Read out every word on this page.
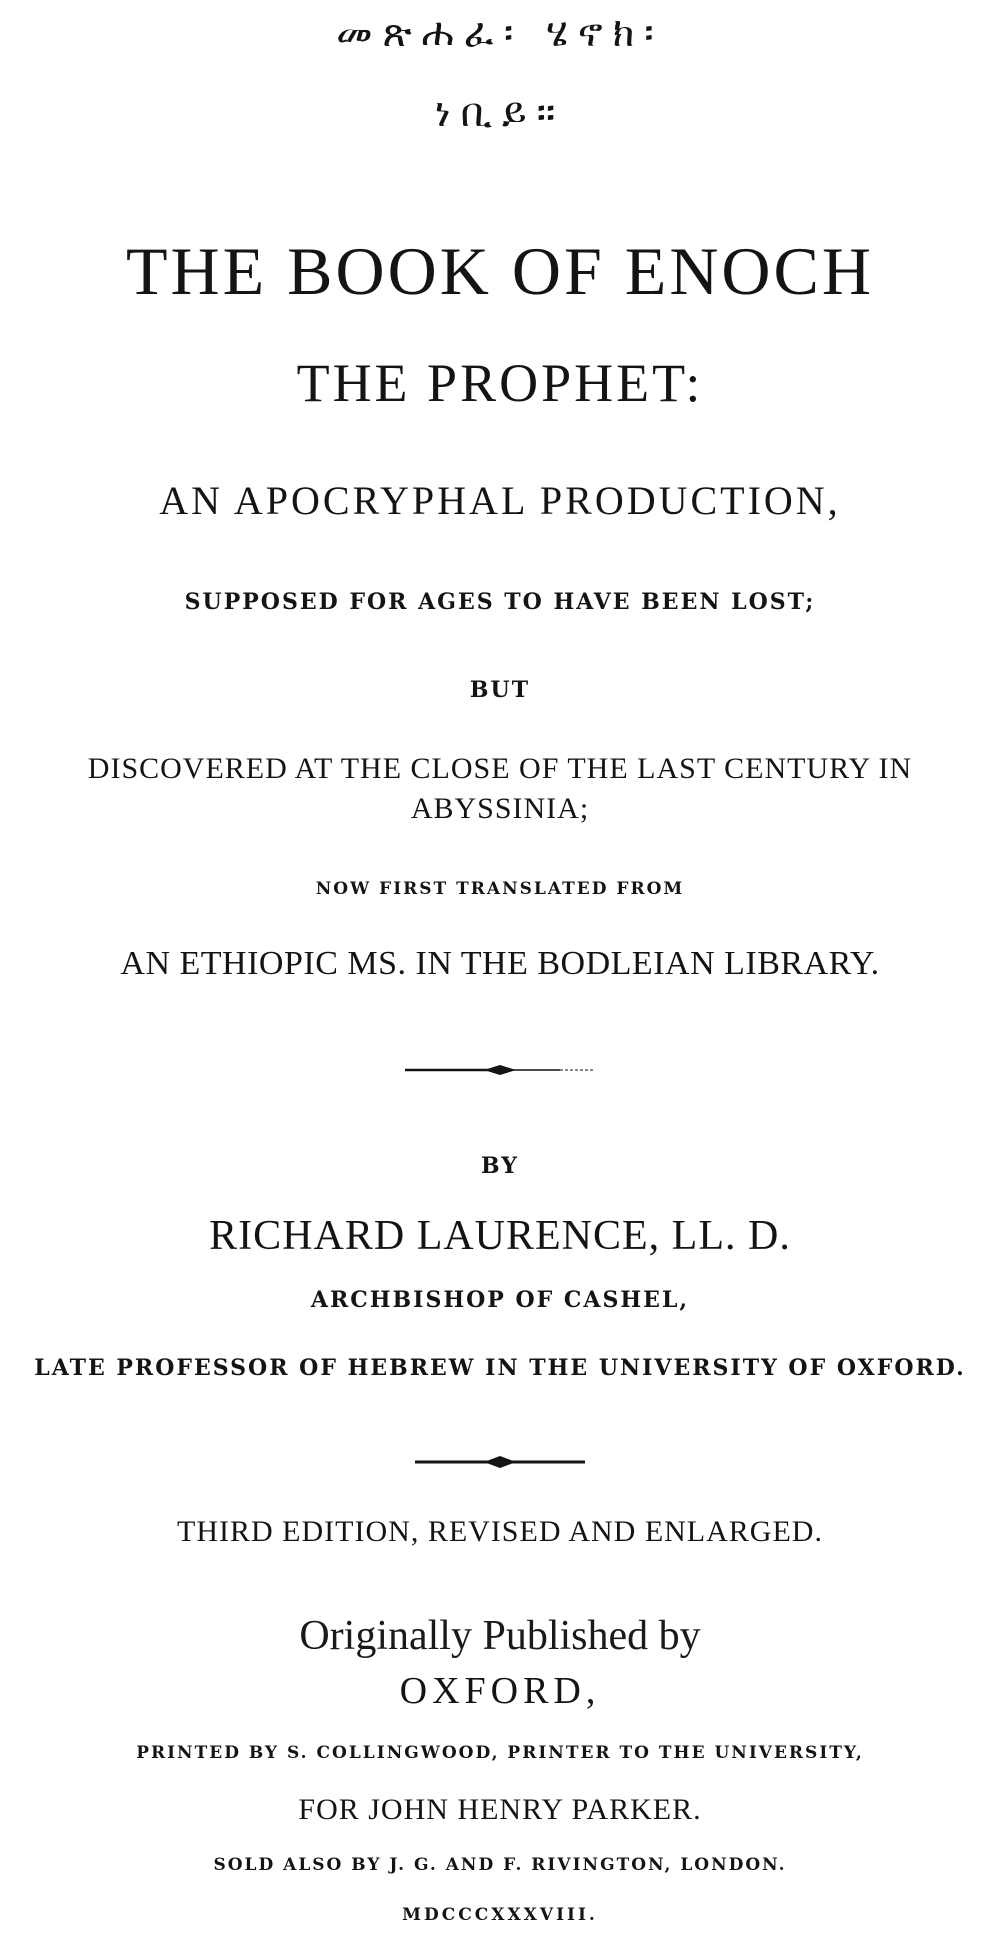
መጽሐፈ፡ ሄኖክ፡
ነቢይ።
THE BOOK OF ENOCH
THE PROPHET:
AN APOCRYPHAL PRODUCTION,
SUPPOSED FOR AGES TO HAVE BEEN LOST;
BUT
DISCOVERED AT THE CLOSE OF THE LAST CENTURY IN
ABYSSINIA;
NOW FIRST TRANSLATED FROM
AN ETHIOPIC MS. IN THE BODLEIAN LIBRARY.
BY
RICHARD LAURENCE, LL. D.
ARCHBISHOP OF CASHEL,
LATE PROFESSOR OF HEBREW IN THE UNIVERSITY OF OXFORD.
THIRD EDITION, REVISED AND ENLARGED.
Originally Published by
OXFORD,
PRINTED BY S. COLLINGWOOD, PRINTER TO THE UNIVERSITY,
FOR JOHN HENRY PARKER.
SOLD ALSO BY J. G. AND F. RIVINGTON, LONDON.
MDCCCXXXVIII.
